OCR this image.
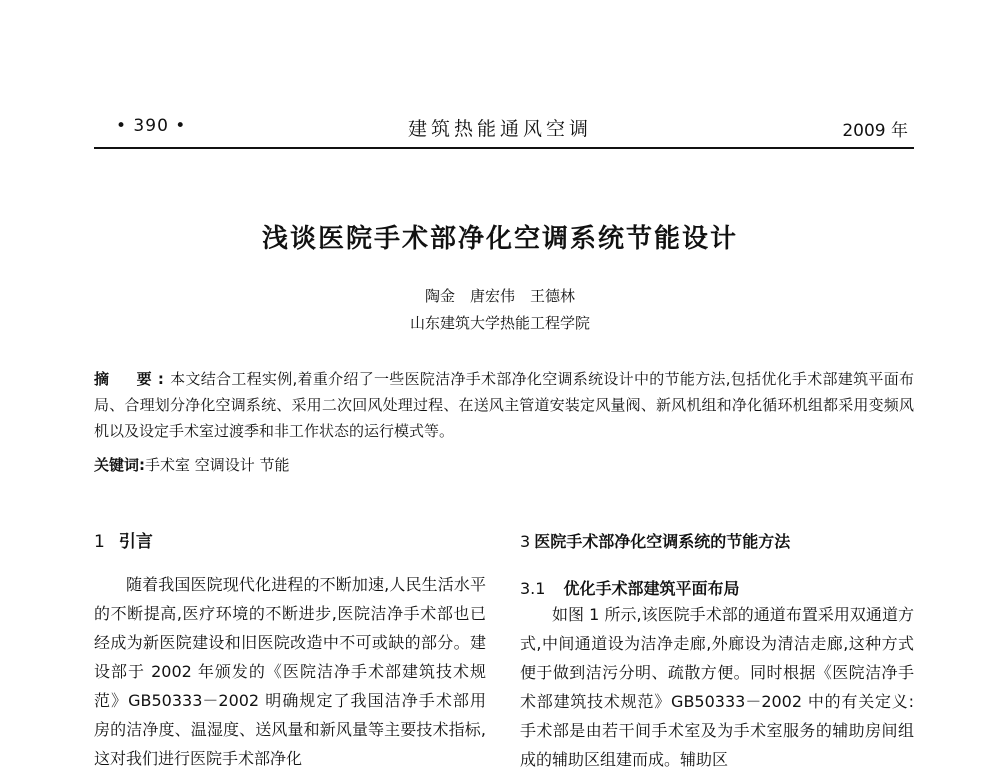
• 390 •	建筑热能通风空调	2009 年
浅谈医院手术部净化空调系统节能设计
陶金　唐宏伟　王德林
山东建筑大学热能工程学院
摘　要:本文结合工程实例,着重介绍了一些医院洁净手术部净化空调系统设计中的节能方法,包括优化手术部建筑平面布局、合理划分净化空调系统、采用二次回风处理过程、在送风主管道安装定风量阀、新风机组和净化循环机组都采用变频风机以及设定手术室过渡季和非工作状态的运行模式等。
关键词:手术室 空调设计 节能
1 引言
随着我国医院现代化进程的不断加速,人民生活水平的不断提高,医疗环境的不断进步,医院洁净手术部也已经成为新医院建设和旧医院改造中不可或缺的部分。建设部于 2002 年颁发的《医院洁净手术部建筑技术规范》GB50333－2002 明确规定了我国洁净手术部用房的洁净度、温湿度、送风量和新风量等主要技术指标,这对我们进行医院手术部净化
3 医院手术部净化空调系统的节能方法
3.1 优化手术部建筑平面布局
如图 1 所示,该医院手术部的通道布置采用双通道方式,中间通道设为洁净走廊,外廊设为清洁走廊,这种方式便于做到洁污分明、疏散方便。同时根据《医院洁净手术部建筑技术规范》GB50333－2002 中的有关定义:手术部是由若干间手术室及为手术室服务的辅助房间组成的辅助区组建而成。辅助区
